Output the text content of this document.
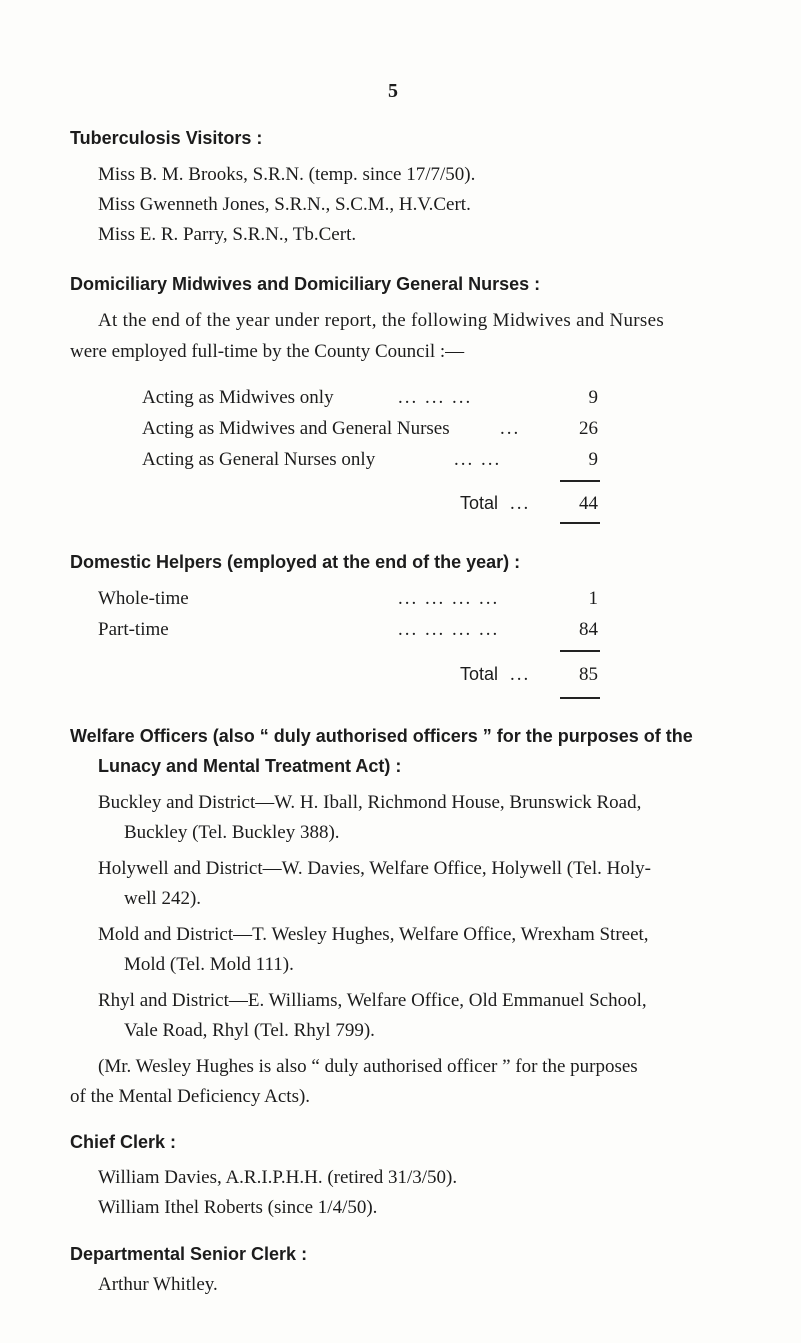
5
Tuberculosis Visitors :
Miss B. M. Brooks, S.R.N. (temp. since 17/7/50).
Miss Gwenneth Jones, S.R.N., S.C.M., H.V.Cert.
Miss E. R. Parry, S.R.N., Tb.Cert.
Domiciliary Midwives and Domiciliary General Nurses :
At the end of the year under report, the following Midwives and Nurses
were employed full-time by the County Council :—
Acting as Midwives only	... ... ...	9
Acting as Midwives and General Nurses	...	26
Acting as General Nurses only	... ...	9
Total ...	44
Domestic Helpers (employed at the end of the year) :
Whole-time	... ... ... ...	1
Part-time	... ... ... ...	84
Total ...	85
Welfare Officers (also “ duly authorised officers ” for the purposes of the
Lunacy and Mental Treatment Act) :
Buckley and District—W. H. Iball, Richmond House, Brunswick Road,
Buckley (Tel. Buckley 388).
Holywell and District—W. Davies, Welfare Office, Holywell (Tel. Holy-
well 242).
Mold and District—T. Wesley Hughes, Welfare Office, Wrexham Street,
Mold (Tel. Mold 111).
Rhyl and District—E. Williams, Welfare Office, Old Emmanuel School,
Vale Road, Rhyl (Tel. Rhyl 799).
(Mr. Wesley Hughes is also “ duly authorised officer ” for the purposes
of the Mental Deficiency Acts).
Chief Clerk :
William Davies, A.R.I.P.H.H. (retired 31/3/50).
William Ithel Roberts (since 1/4/50).
Departmental Senior Clerk :
Arthur Whitley.
